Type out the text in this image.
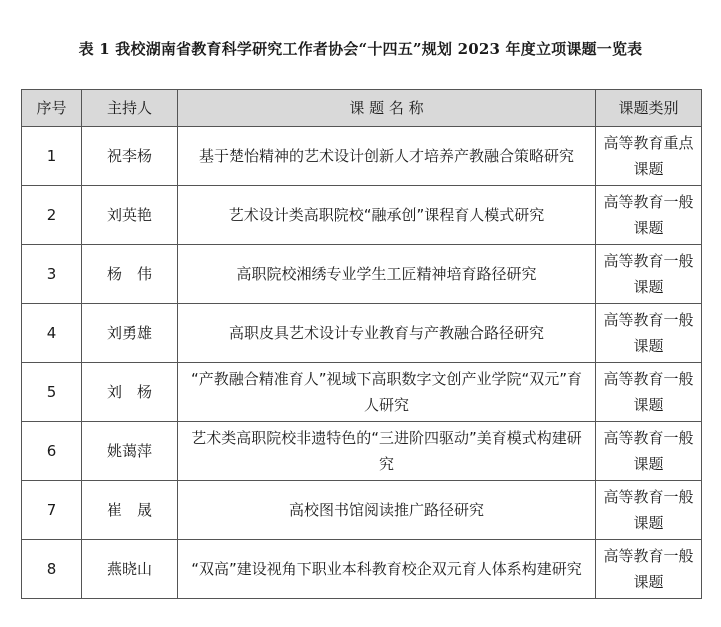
表 1 我校湖南省教育科学研究工作者协会“十四五”规划 2023 年度立项课题一览表
序号	主持人	课 题 名 称	课题类别
1	祝李杨	基于楚怡精神的艺术设计创新人才培养产教融合策略研究	高等教育重点课题
2	刘英艳	艺术设计类高职院校“融承创”课程育人模式研究	高等教育一般课题
3	杨　伟	高职院校湘绣专业学生工匠精神培育路径研究	高等教育一般课题
4	刘勇雄	高职皮具艺术设计专业教育与产教融合路径研究	高等教育一般课题
5	刘　杨	“产教融合精准育人”视域下高职数字文创产业学院“双元”育人研究	高等教育一般课题
6	姚蔼萍	艺术类高职院校非遗特色的“三进阶四驱动”美育模式构建研究	高等教育一般课题
7	崔　晟	高校图书馆阅读推广路径研究	高等教育一般课题
8	燕晓山	“双高”建设视角下职业本科教育校企双元育人体系构建研究	高等教育一般课题
